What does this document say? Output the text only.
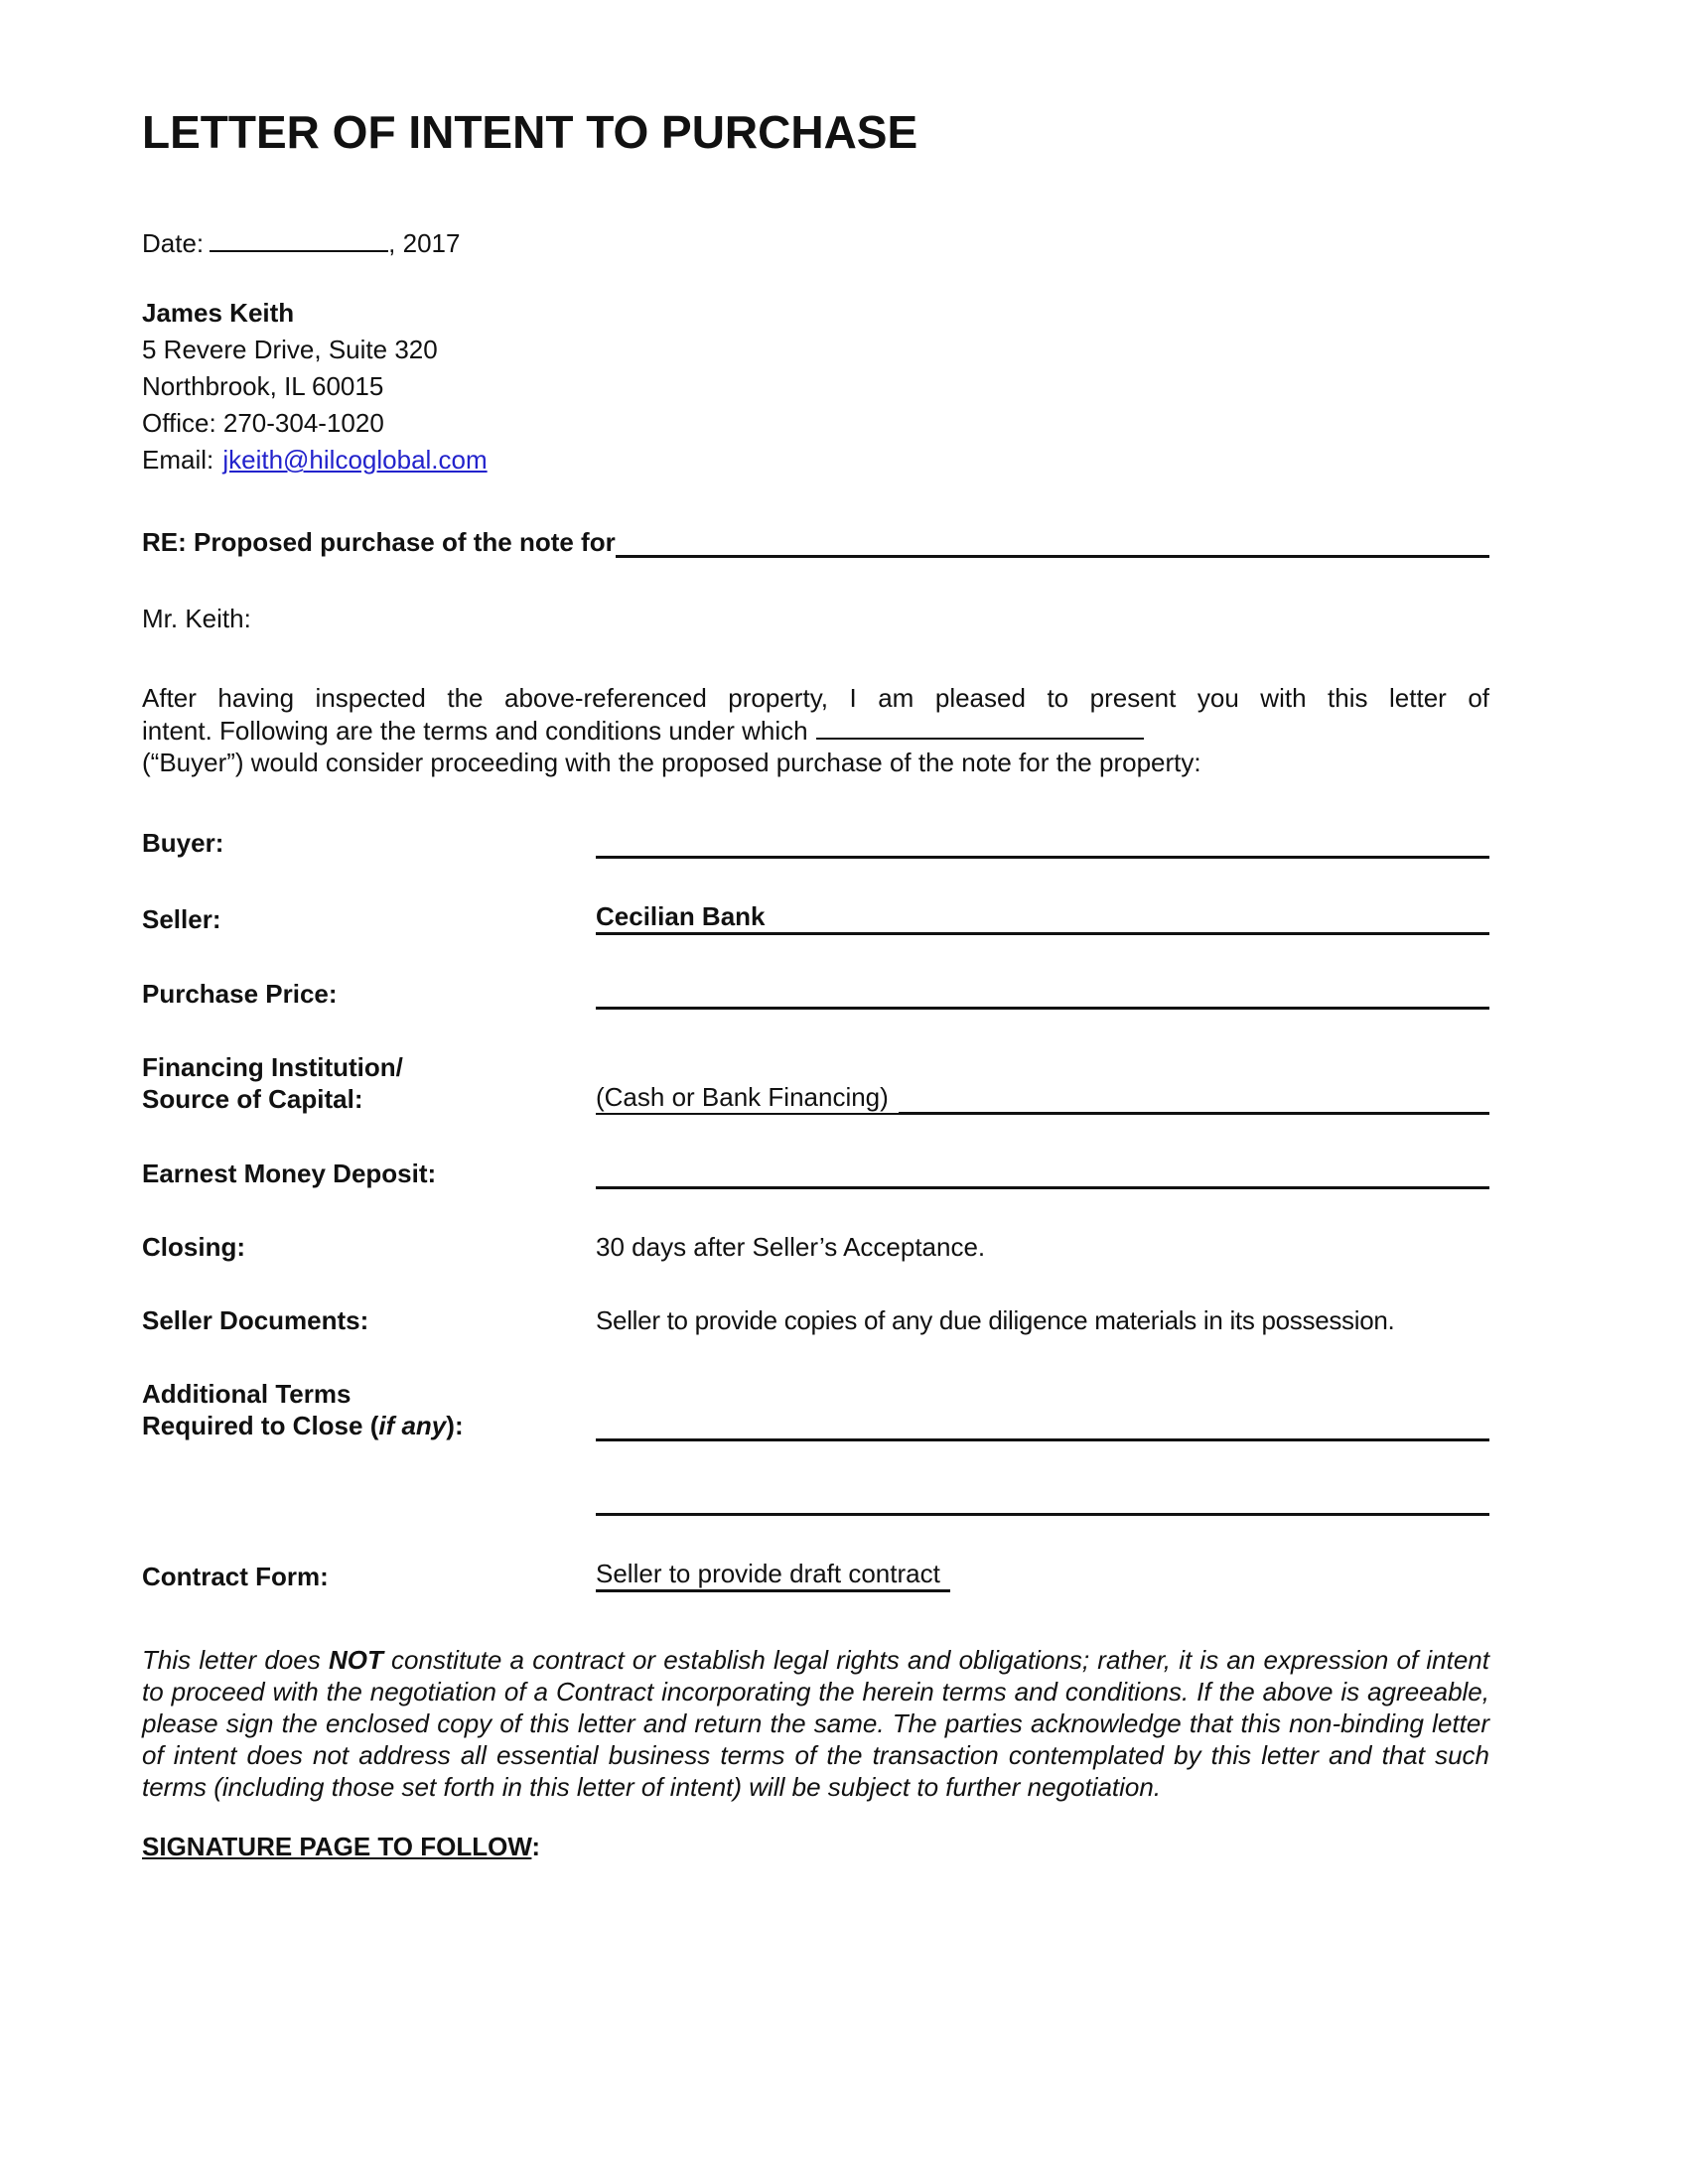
LETTER OF INTENT TO PURCHASE
Date:	, 2017
James Keith
5 Revere Drive, Suite 320
Northbrook, IL 60015
Office: 270-304-1020
Email: jkeith@hilcoglobal.com
RE: Proposed purchase of the note for
Mr. Keith:
After having inspected the above-referenced property, I am pleased to present you with this letter of
intent. Following are the terms and conditions under which
(“Buyer”) would consider proceeding with the proposed purchase of the note for the property:
Buyer:
Seller:	Cecilian Bank
Purchase Price:
Financing Institution/
Source of Capital:	(Cash or Bank Financing)
Earnest Money Deposit:
Closing:	30 days after Seller’s Acceptance.
Seller Documents:	Seller to provide copies of any due diligence materials in its possession.
Additional Terms
Required to Close (if any):
Contract Form:	Seller to provide draft contract

This letter does NOT constitute a contract or establish legal rights and obligations; rather, it is an expression of intent to proceed with the negotiation of a Contract incorporating the herein terms and conditions. If the above is agreeable, please sign the enclosed copy of this letter and return the same. The parties acknowledge that this non-binding letter of intent does not address all essential business terms of the transaction contemplated by this letter and that such terms (including those set forth in this letter of intent) will be subject to further negotiation.

SIGNATURE PAGE TO FOLLOW:
